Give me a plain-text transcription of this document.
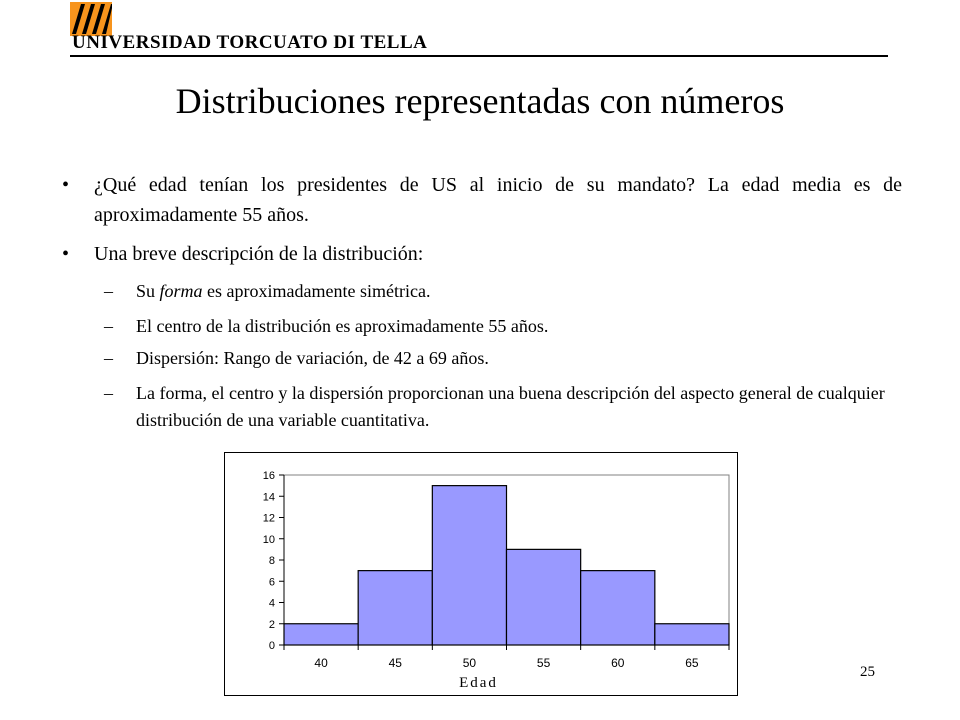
UNIVERSIDAD TORCUATO DI TELLA
Distribuciones representadas con números
• ¿Qué edad tenían los presidentes de US al inicio de su mandato? La edad media es de aproximadamente 55 años.
• Una breve descripción de la distribución:
– Su forma es aproximadamente simétrica.
– El centro de la distribución es aproximadamente 55 años.
– Dispersión: Rango de variación, de 42 a 69 años.
– La forma, el centro y la dispersión proporcionan una buena descripción del aspecto general de cualquier distribución de una variable cuantitativa.
0
2
4
6
8
10
12
14
16
40	45	50	55	60	65
Edad
25
